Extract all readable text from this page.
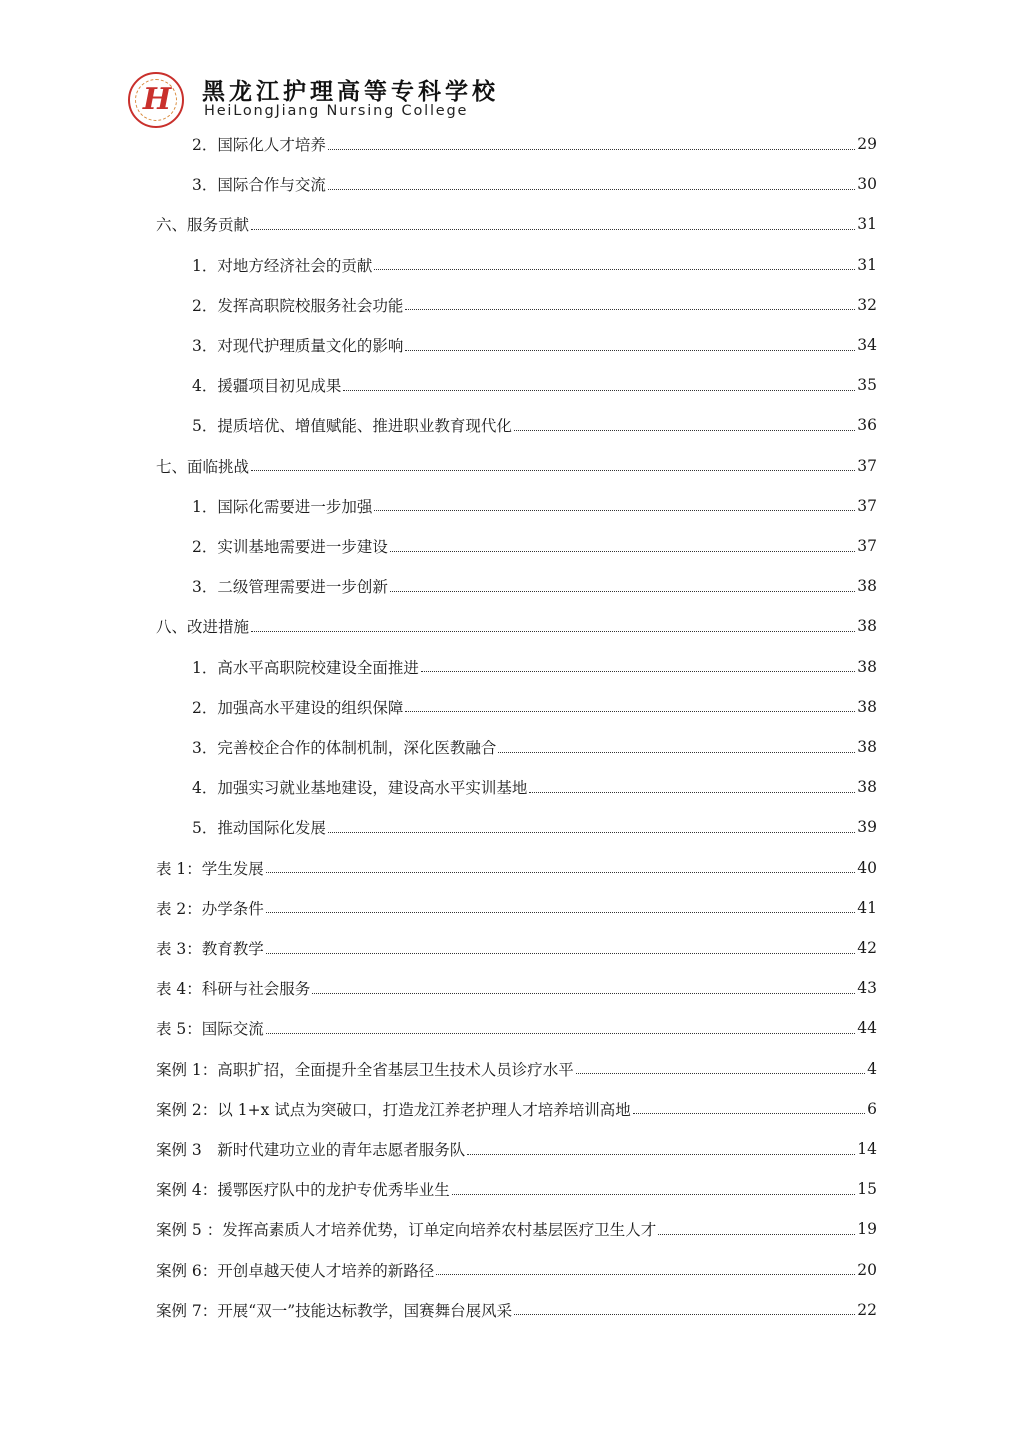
H	黑龙江护理高等专科学校
HeiLongJiang Nursing College
2．国际化人才培养	29
3．国际合作与交流	30
六、服务贡献	31
1．对地方经济社会的贡献	31
2．发挥高职院校服务社会功能	32
3．对现代护理质量文化的影响	34
4．援疆项目初见成果	35
5．提质培优、增值赋能、推进职业教育现代化	36
七、面临挑战	37
1．国际化需要进一步加强	37
2．实训基地需要进一步建设	37
3．二级管理需要进一步创新	38
八、改进措施	38
1．高水平高职院校建设全面推进	38
2．加强高水平建设的组织保障	38
3．完善校企合作的体制机制，深化医教融合	38
4．加强实习就业基地建设，建设高水平实训基地	38
5．推动国际化发展	39
表 1：学生发展	40
表 2：办学条件	41
表 3：教育教学	42
表 4：科研与社会服务	43
表 5：国际交流	44
案例 1：高职扩招，全面提升全省基层卫生技术人员诊疗水平	4
案例 2：以 1+x 试点为突破口，打造龙江养老护理人才培养培训高地	6
案例 3　新时代建功立业的青年志愿者服务队	14
案例 4：援鄂医疗队中的龙护专优秀毕业生	15
案例 5 ：发挥高素质人才培养优势，订单定向培养农村基层医疗卫生人才	19
案例 6：开创卓越天使人才培养的新路径	20
案例 7：开展“双一”技能达标教学，国赛舞台展风采	22
